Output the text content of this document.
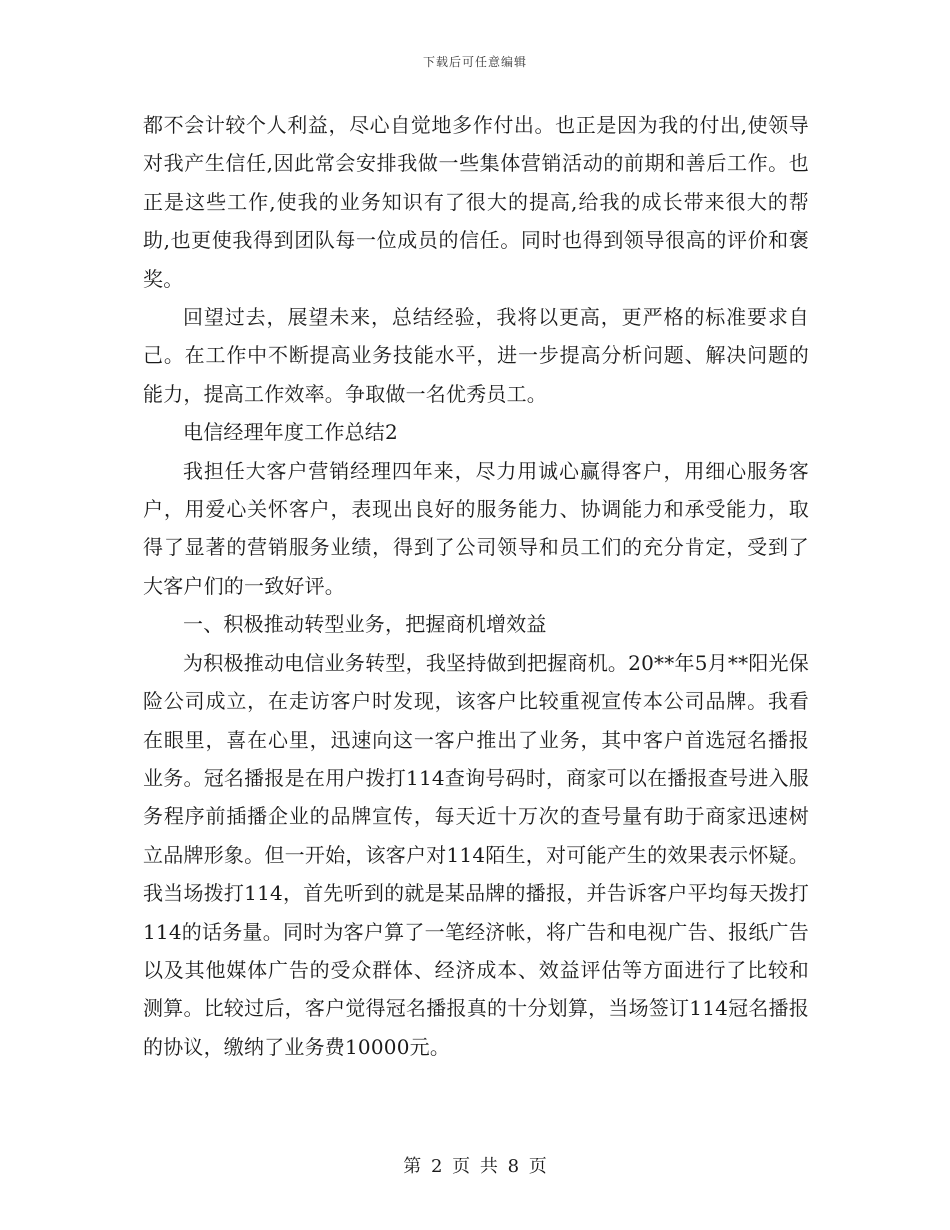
下载后可任意编辑

都不会计较个人利益，尽心自觉地多作付出。也正是因为我的付出,使领导对我产生信任,因此常会安排我做一些集体营销活动的前期和善后工作。也正是这些工作,使我的业务知识有了很大的提高,给我的成长带来很大的帮助,也更使我得到团队每一位成员的信任。同时也得到领导很高的评价和褒奖。

回望过去，展望未来，总结经验，我将以更高，更严格的标准要求自己。在工作中不断提高业务技能水平，进一步提高分析问题、解决问题的能力，提高工作效率。争取做一名优秀员工。

电信经理年度工作总结2

我担任大客户营销经理四年来，尽力用诚心赢得客户，用细心服务客户，用爱心关怀客户，表现出良好的服务能力、协调能力和承受能力，取得了显著的营销服务业绩，得到了公司领导和员工们的充分肯定，受到了大客户们的一致好评。

一、积极推动转型业务，把握商机增效益

为积极推动电信业务转型，我坚持做到把握商机。20**年5月**阳光保险公司成立，在走访客户时发现，该客户比较重视宣传本公司品牌。我看在眼里，喜在心里，迅速向这一客户推出了业务，其中客户首选冠名播报业务。冠名播报是在用户拨打114查询号码时，商家可以在播报查号进入服务程序前插播企业的品牌宣传，每天近十万次的查号量有助于商家迅速树立品牌形象。但一开始，该客户对114陌生，对可能产生的效果表示怀疑。我当场拨打114，首先听到的就是某品牌的播报，并告诉客户平均每天拨打114的话务量。同时为客户算了一笔经济帐，将广告和电视广告、报纸广告以及其他媒体广告的受众群体、经济成本、效益评估等方面进行了比较和测算。比较过后，客户觉得冠名播报真的十分划算，当场签订114冠名播报的协议，缴纳了业务费10000元。

第 2 页 共 8 页
